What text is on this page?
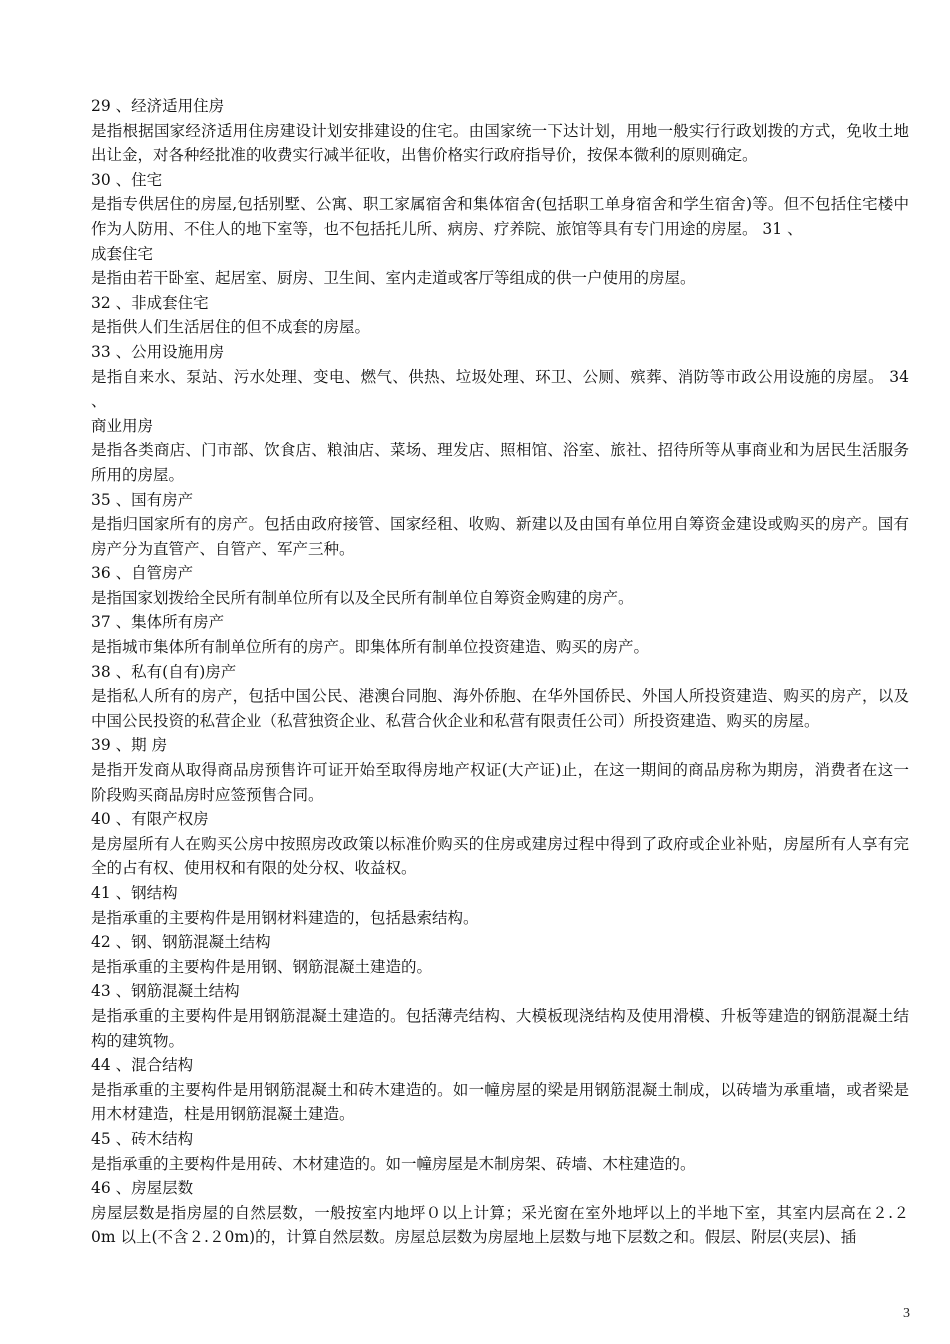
29 、经济适用住房

是指根据国家经济适用住房建设计划安排建设的住宅。由国家统一下达计划，用地一般实行行政划拨的方式，免收土地出让金，对各种经批准的收费实行减半征收，出售价格实行政府指导价，按保本微利的原则确定。

30 、住宅

是指专供居住的房屋,包括别墅、公寓、职工家属宿舍和集体宿舍(包括职工单身宿舍和学生宿舍)等。但不包括住宅楼中作为人防用、不住人的地下室等，也不包括托儿所、病房、疗养院、旅馆等具有专门用途的房屋。 31 、

成套住宅

是指由若干卧室、起居室、厨房、卫生间、室内走道或客厅等组成的供一户使用的房屋。

32 、非成套住宅

是指供人们生活居住的但不成套的房屋。

33 、公用设施用房

是指自来水、泵站、污水处理、变电、燃气、供热、垃圾处理、环卫、公厕、殡葬、消防等市政公用设施的房屋。 34 、

商业用房

是指各类商店、门市部、饮食店、粮油店、菜场、理发店、照相馆、浴室、旅社、招待所等从事商业和为居民生活服务所用的房屋。

35 、国有房产

是指归国家所有的房产。包括由政府接管、国家经租、收购、新建以及由国有单位用自筹资金建设或购买的房产。国有房产分为直管产、自管产、军产三种。

36 、自管房产

是指国家划拨给全民所有制单位所有以及全民所有制单位自筹资金购建的房产。

37 、集体所有房产

是指城市集体所有制单位所有的房产。即集体所有制单位投资建造、购买的房产。

38 、私有(自有)房产

是指私人所有的房产，包括中国公民、港澳台同胞、海外侨胞、在华外国侨民、外国人所投资建造、购买的房产，以及中国公民投资的私营企业（私营独资企业、私营合伙企业和私营有限责任公司）所投资建造、购买的房屋。

39 、期 房

是指开发商从取得商品房预售许可证开始至取得房地产权证(大产证)止，在这一期间的商品房称为期房，消费者在这一阶段购买商品房时应签预售合同。

40 、有限产权房

是房屋所有人在购买公房中按照房改政策以标准价购买的住房或建房过程中得到了政府或企业补贴，房屋所有人享有完全的占有权、使用权和有限的处分权、收益权。

41 、钢结构

是指承重的主要构件是用钢材料建造的，包括悬索结构。

42 、钢、钢筋混凝土结构

是指承重的主要构件是用钢、钢筋混凝土建造的。

43 、钢筋混凝土结构

是指承重的主要构件是用钢筋混凝土建造的。包括薄壳结构、大模板现浇结构及使用滑模、升板等建造的钢筋混凝土结构的建筑物。

44 、混合结构

是指承重的主要构件是用钢筋混凝土和砖木建造的。如一幢房屋的梁是用钢筋混凝土制成，以砖墙为承重墙，或者梁是用木材建造，柱是用钢筋混凝土建造。

45 、砖木结构

是指承重的主要构件是用砖、木材建造的。如一幢房屋是木制房架、砖墙、木柱建造的。

46 、房屋层数

房屋层数是指房屋的自然层数，一般按室内地坪０以上计算；采光窗在室外地坪以上的半地下室，其室内层高在２.２0m 以上(不含２.２0m)的，计算自然层数。房屋总层数为房屋地上层数与地下层数之和。假层、附层(夹层)、插

3
